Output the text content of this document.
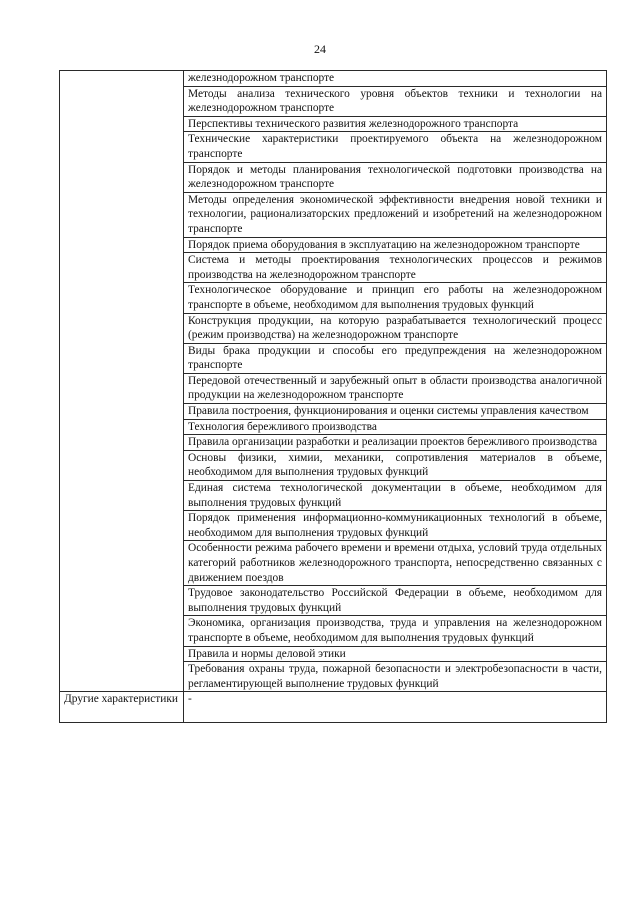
24
	железнодорожном транспорте
	Методы анализа технического уровня объектов техники и технологии на железнодорожном транспорте
	Перспективы технического развития железнодорожного транспорта
	Технические характеристики проектируемого объекта на железнодорожном транспорте
	Порядок и методы планирования технологической подготовки производства на железнодорожном транспорте
	Методы определения экономической эффективности внедрения новой техники и технологии, рационализаторских предложений и изобретений на железнодорожном транспорте
	Порядок приема оборудования в эксплуатацию на железнодорожном транспорте
	Система и методы проектирования технологических процессов и режимов производства на железнодорожном транспорте
	Технологическое оборудование и принцип его работы на железнодорожном транспорте в объеме, необходимом для выполнения трудовых функций
	Конструкция продукции, на которую разрабатывается технологический процесс (режим производства) на железнодорожном транспорте
	Виды брака продукции и способы его предупреждения на железнодорожном транспорте
	Передовой отечественный и зарубежный опыт в области производства аналогичной продукции на железнодорожном транспорте
	Правила построения, функционирования и оценки системы управления качеством
	Технология бережливого производства
	Правила организации разработки и реализации проектов бережливого производства
	Основы физики, химии, механики, сопротивления материалов в объеме, необходимом для выполнения трудовых функций
	Единая система технологической документации в объеме, необходимом для выполнения трудовых функций
	Порядок применения информационно-коммуникационных технологий в объеме, необходимом для выполнения трудовых функций
	Особенности режима рабочего времени и времени отдыха, условий труда отдельных категорий работников железнодорожного транспорта, непосредственно связанных с движением поездов
	Трудовое законодательство Российской Федерации в объеме, необходимом для выполнения трудовых функций
	Экономика, организация производства, труда и управления на железнодорожном транспорте в объеме, необходимом для выполнения трудовых функций
	Правила и нормы деловой этики
	Требования охраны труда, пожарной безопасности и электробезопасности в части, регламентирующей выполнение трудовых функций
Другие характеристики	-
